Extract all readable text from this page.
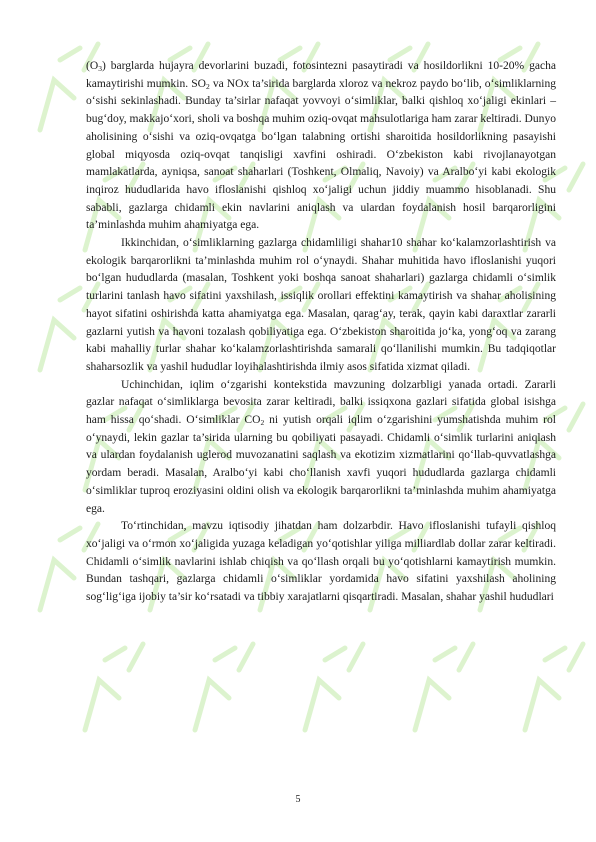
$(O_3)$ barglarda hujayra devorlarini buzadi, fotosintezni pasaytiradi va hosildorlikni 10-20% gacha kamaytirishi mumkin. $SO_2$ va NOx ta’sirida barglarda xloroz va nekroz paydo bo‘lib, o‘simliklarning o‘sishi sekinlashadi. Bunday ta’sirlar nafaqat yovvoyi o‘simliklar, balki qishloq xo‘jaligi ekinlari – bug‘doy, makkajo‘xori, sholi va boshqa muhim oziq-ovqat mahsulotlariga ham zarar keltiradi. Dunyo aholisining o‘sishi va oziq-ovqatga bo‘lgan talabning ortishi sharoitida hosildorlikning pasayishi global miqyosda oziq-ovqat tanqisligi xavfini oshiradi. O‘zbekiston kabi rivojlanayotgan mamlakatlarda, ayniqsa, sanoat shaharlari (Toshkent, Olmaliq, Navoiy) va Aralbo‘yi kabi ekologik inqiroz hududlarida havo ifloslanishi qishloq xo‘jaligi uchun jiddiy muammo hisoblanadi. Shu sababli, gazlarga chidamli ekin navlarini aniqlash va ulardan foydalanish hosil barqarorligini ta’minlashda muhim ahamiyatga ega.

Ikkinchidan, o‘simliklarning gazlarga chidamliligi shahar10 shahar ko‘kalamzorlashtirish va ekologik barqarorlikni ta’minlashda muhim rol o‘ynaydi. Shahar muhitida havo ifloslanishi yuqori bo‘lgan hududlarda (masalan, Toshkent yoki boshqa sanoat shaharlari) gazlarga chidamli o‘simlik turlarini tanlash havo sifatini yaxshilash, issiqlik orollari effektini kamaytirish va shahar aholisining hayot sifatini oshirishda katta ahamiyatga ega. Masalan, qarag‘ay, terak, qayin kabi daraxtlar zararli gazlarni yutish va havoni tozalash qobiliyatiga ega. O‘zbekiston sharoitida jo‘ka, yong‘oq va zarang kabi mahalliy turlar shahar ko‘kalamzorlashtirishda samarali qo‘llanilishi mumkin. Bu tadqiqotlar shaharsozlik va yashil hududlar loyihalashtirishda ilmiy asos sifatida xizmat qiladi.

Uchinchidan, iqlim o‘zgarishi kontekstida mavzuning dolzarbligi yanada ortadi. Zararli gazlar nafaqat o‘simliklarga bevosita zarar keltiradi, balki issiqxona gazlari sifatida global isishga ham hissa qo‘shadi. O‘simliklar $CO_2$ ni yutish orqali iqlim o‘zgarishini yumshatishda muhim rol o‘ynaydi, lekin gazlar ta’sirida ularning bu qobiliyati pasayadi. Chidamli o‘simlik turlarini aniqlash va ulardan foydalanish uglerod muvozanatini saqlash va ekotizim xizmatlarini qo‘llab-quvvatlashga yordam beradi. Masalan, Aralbo‘yi kabi cho‘llanish xavfi yuqori hududlarda gazlarga chidamli o‘simliklar tuproq eroziyasini oldini olish va ekologik barqarorlikni ta’minlashda muhim ahamiyatga ega.

To‘rtinchidan, mavzu iqtisodiy jihatdan ham dolzarbdir. Havo ifloslanishi tufayli qishloq xo‘jaligi va o‘rmon xo‘jaligida yuzaga keladigan yo‘qotishlar yiliga milliardlab dollar zarar keltiradi. Chidamli o‘simlik navlarini ishlab chiqish va qo‘llash orqali bu yo‘qotishlarni kamaytirish mumkin. Bundan tashqari, gazlarga chidamli o‘simliklar yordamida havo sifatini yaxshilash aholining sog‘lig‘iga ijobiy ta’sir ko‘rsatadi va tibbiy xarajatlarni qisqartiradi. Masalan, shahar yashil hududlari

5
